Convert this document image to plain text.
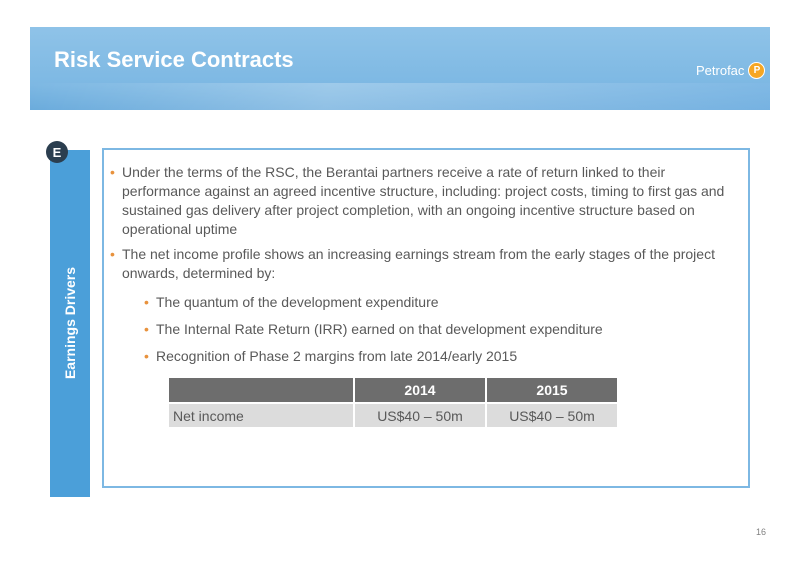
Risk Service Contracts	Petrofac P
Earnings Drivers
E
• Under the terms of the RSC, the Berantai partners receive a rate of return linked to their performance against an agreed incentive structure, including: project costs, timing to first gas and sustained gas delivery after project completion, with an ongoing incentive structure based on operational uptime
• The net income profile shows an increasing earnings stream from the early stages of the project onwards, determined by:
• The quantum of the development expenditure
• The Internal Rate Return (IRR) earned on that development expenditure
• Recognition of Phase 2 margins from late 2014/early 2015
	2014	2015
Net income	US$40 – 50m	US$40 – 50m
16
